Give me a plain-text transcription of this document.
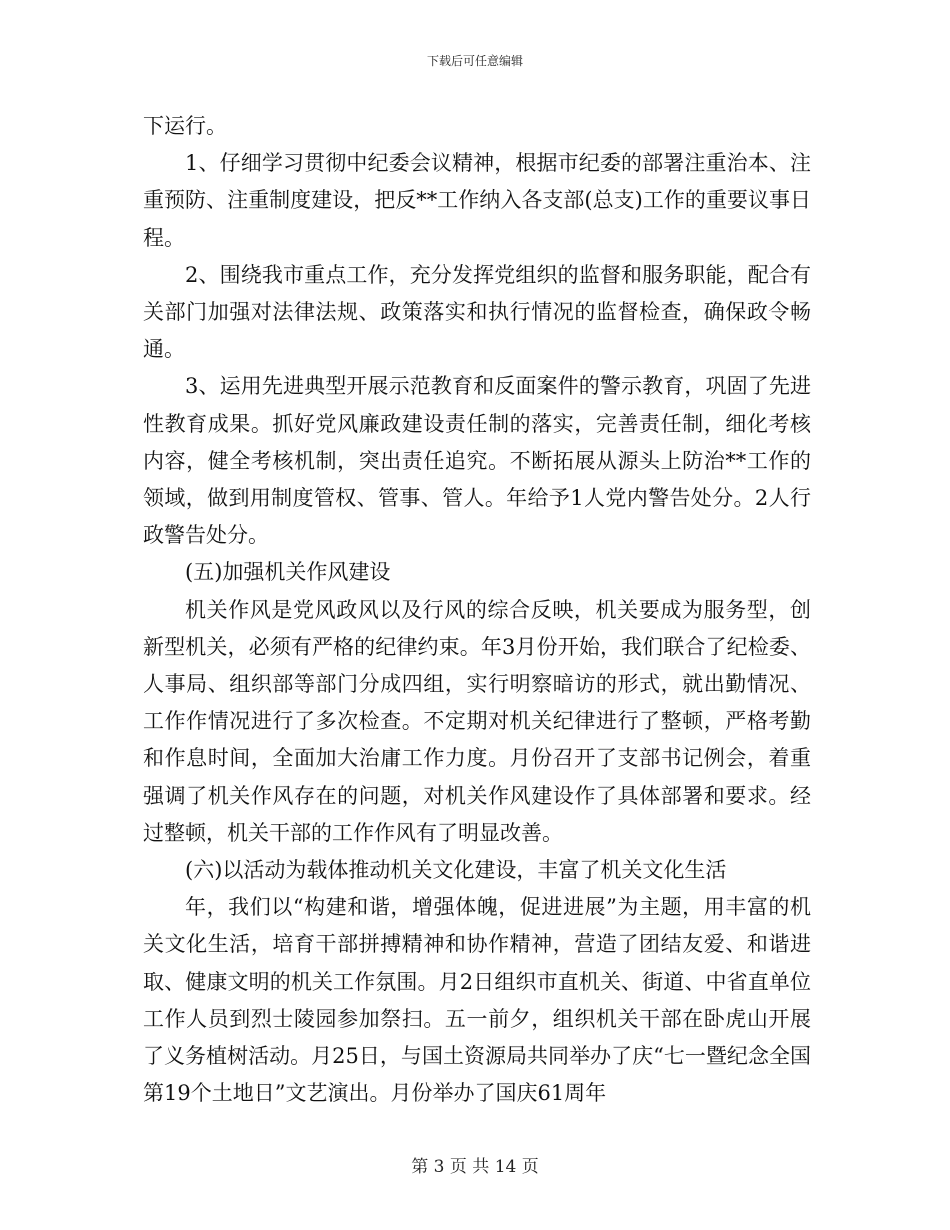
下载后可任意编辑

下运行。

1、仔细学习贯彻中纪委会议精神，根据市纪委的部署注重治本、注重预防、注重制度建设，把反**工作纳入各支部(总支)工作的重要议事日程。

2、围绕我市重点工作，充分发挥党组织的监督和服务职能，配合有关部门加强对法律法规、政策落实和执行情况的监督检查，确保政令畅通。

3、运用先进典型开展示范教育和反面案件的警示教育，巩固了先进性教育成果。抓好党风廉政建设责任制的落实，完善责任制，细化考核内容，健全考核机制，突出责任追究。不断拓展从源头上防治**工作的领域，做到用制度管权、管事、管人。年给予1人党内警告处分。2人行政警告处分。

(五)加强机关作风建设

机关作风是党风政风以及行风的综合反映，机关要成为服务型，创新型机关，必须有严格的纪律约束。年3月份开始，我们联合了纪检委、人事局、组织部等部门分成四组，实行明察暗访的形式，就出勤情况、工作作情况进行了多次检查。不定期对机关纪律进行了整顿，严格考勤和作息时间，全面加大治庸工作力度。月份召开了支部书记例会，着重强调了机关作风存在的问题，对机关作风建设作了具体部署和要求。经过整顿，机关干部的工作作风有了明显改善。

(六)以活动为载体推动机关文化建设，丰富了机关文化生活

年，我们以“构建和谐，增强体魄，促进进展”为主题，用丰富的机关文化生活，培育干部拼搏精神和协作精神，营造了团结友爱、和谐进取、健康文明的机关工作氛围。月2日组织市直机关、街道、中省直单位工作人员到烈士陵园参加祭扫。五一前夕，组织机关干部在卧虎山开展了义务植树活动。月25日，与国土资源局共同举办了庆“七一暨纪念全国第19个土地日”文艺演出。月份举办了国庆61周年

第 3 页 共 14 页
